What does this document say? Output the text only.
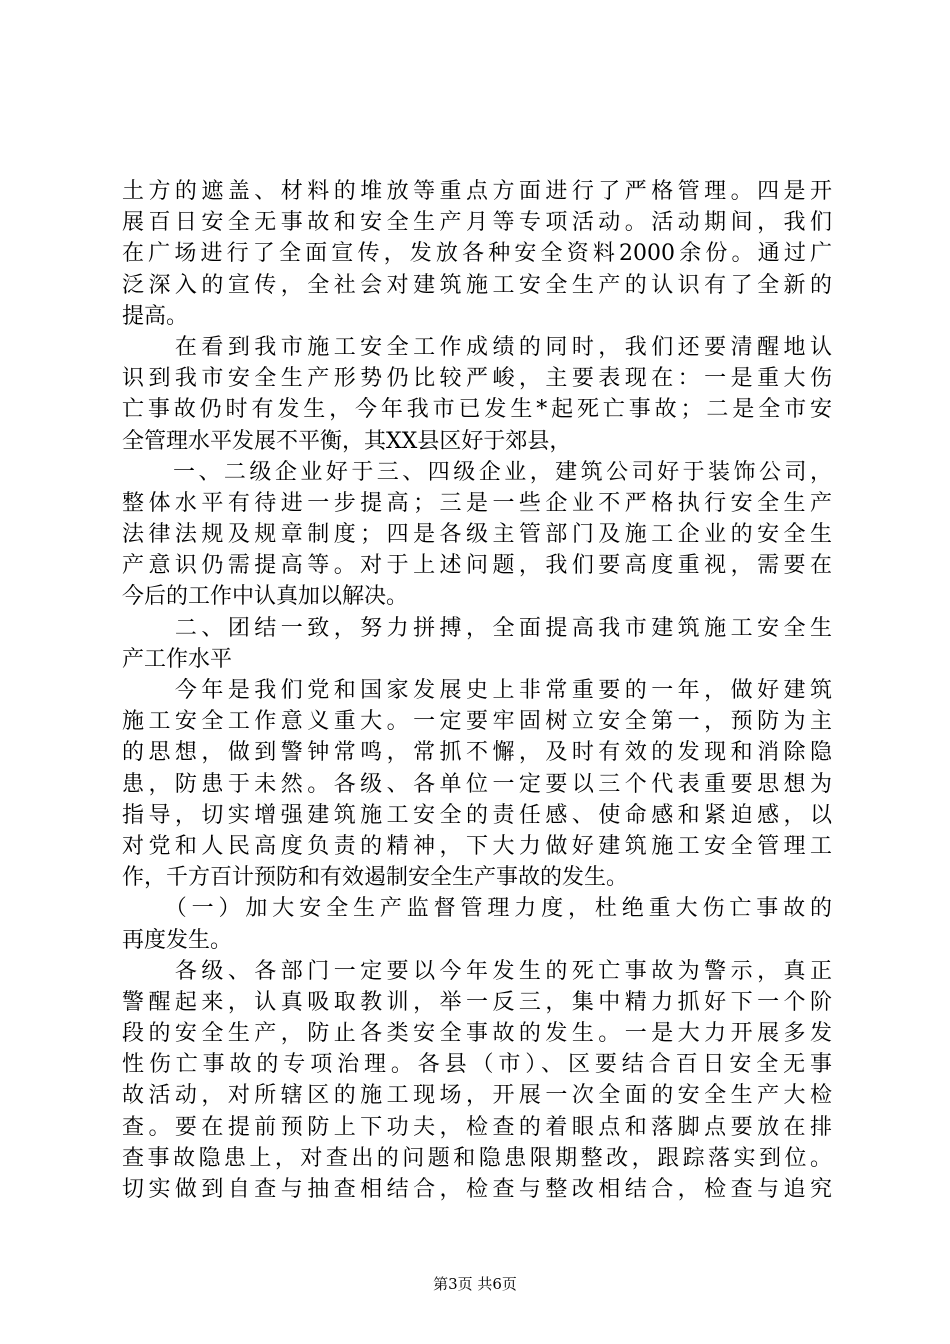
土方的遮盖、材料的堆放等重点方面进行了严格管理。四是开
展百日安全无事故和安全生产月等专项活动。活动期间，我们
在广场进行了全面宣传，发放各种安全资料2000余份。通过广
泛深入的宣传，全社会对建筑施工安全生产的认识有了全新的
提高。
　　在看到我市施工安全工作成绩的同时，我们还要清醒地认
识到我市安全生产形势仍比较严峻，主要表现在：一是重大伤
亡事故仍时有发生，今年我市已发生*起死亡事故；二是全市安
全管理水平发展不平衡，其XX县区好于郊县，
　　一、二级企业好于三、四级企业，建筑公司好于装饰公司，
整体水平有待进一步提高；三是一些企业不严格执行安全生产
法律法规及规章制度；四是各级主管部门及施工企业的安全生
产意识仍需提高等。对于上述问题，我们要高度重视，需要在
今后的工作中认真加以解决。
　　二、团结一致，努力拼搏，全面提高我市建筑施工安全生
产工作水平
　　今年是我们党和国家发展史上非常重要的一年，做好建筑
施工安全工作意义重大。一定要牢固树立安全第一，预防为主
的思想，做到警钟常鸣，常抓不懈，及时有效的发现和消除隐
患，防患于未然。各级、各单位一定要以三个代表重要思想为
指导，切实增强建筑施工安全的责任感、使命感和紧迫感，以
对党和人民高度负责的精神，下大力做好建筑施工安全管理工
作，千方百计预防和有效遏制安全生产事故的发生。
　　（一）加大安全生产监督管理力度，杜绝重大伤亡事故的
再度发生。
　　各级、各部门一定要以今年发生的死亡事故为警示，真正
警醒起来，认真吸取教训，举一反三，集中精力抓好下一个阶
段的安全生产，防止各类安全事故的发生。一是大力开展多发
性伤亡事故的专项治理。各县（市）、区要结合百日安全无事
故活动，对所辖区的施工现场，开展一次全面的安全生产大检
查。要在提前预防上下功夫，检查的着眼点和落脚点要放在排
查事故隐患上，对查出的问题和隐患限期整改，跟踪落实到位。
切实做到自查与抽查相结合，检查与整改相结合，检查与追究
第3页 共6页
